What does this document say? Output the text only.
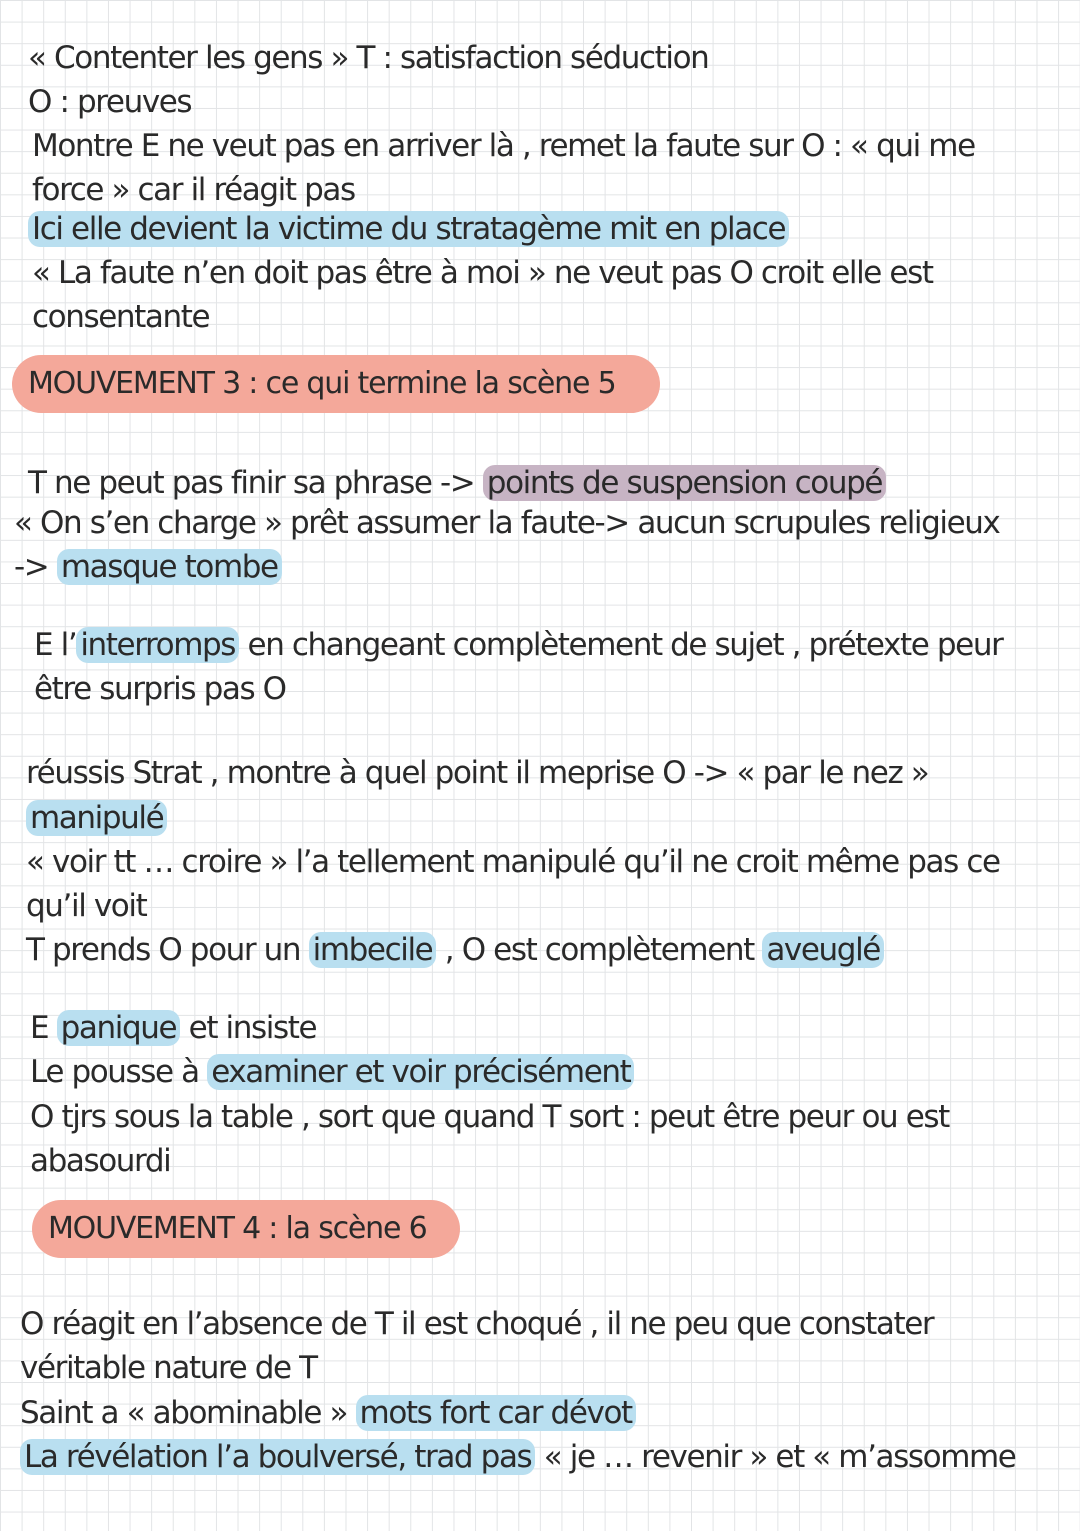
« Contenter les gens » T : satisfaction séduction
O : preuves
Montre E ne veut pas en arriver là , remet la faute sur O : « qui me
force » car il réagit pas
Ici elle devient la victime du stratagème mit en place
« La faute n’en doit pas être à moi » ne veut pas O croit elle est
consentante
MOUVEMENT 3 : ce qui termine la scène 5
T ne peut pas finir sa phrase -> points de suspension coupé
« On s’en charge » prêt assumer la faute-> aucun scrupules religieux
-> masque tombe
E l’ interromps en changeant complètement de sujet , prétexte peur
être surpris pas O
réussis Strat , montre à quel point il meprise O -> « par le nez »
manipulé
« voir tt … croire » l’a tellement manipulé qu’il ne croit même pas ce
qu’il voit
T prends O pour un imbecile , O est complètement aveuglé
E panique et insiste
Le pousse à examiner et voir précisément
O tjrs sous la table , sort que quand T sort : peut être peur ou est
abasourdi
MOUVEMENT 4 : la scène 6
O réagit en l’absence de T il est choqué , il ne peu que constater
véritable nature de T
Saint a « abominable » mots fort car dévot
La révélation l’a boulversé, trad pas « je … revenir » et « m’assomme
